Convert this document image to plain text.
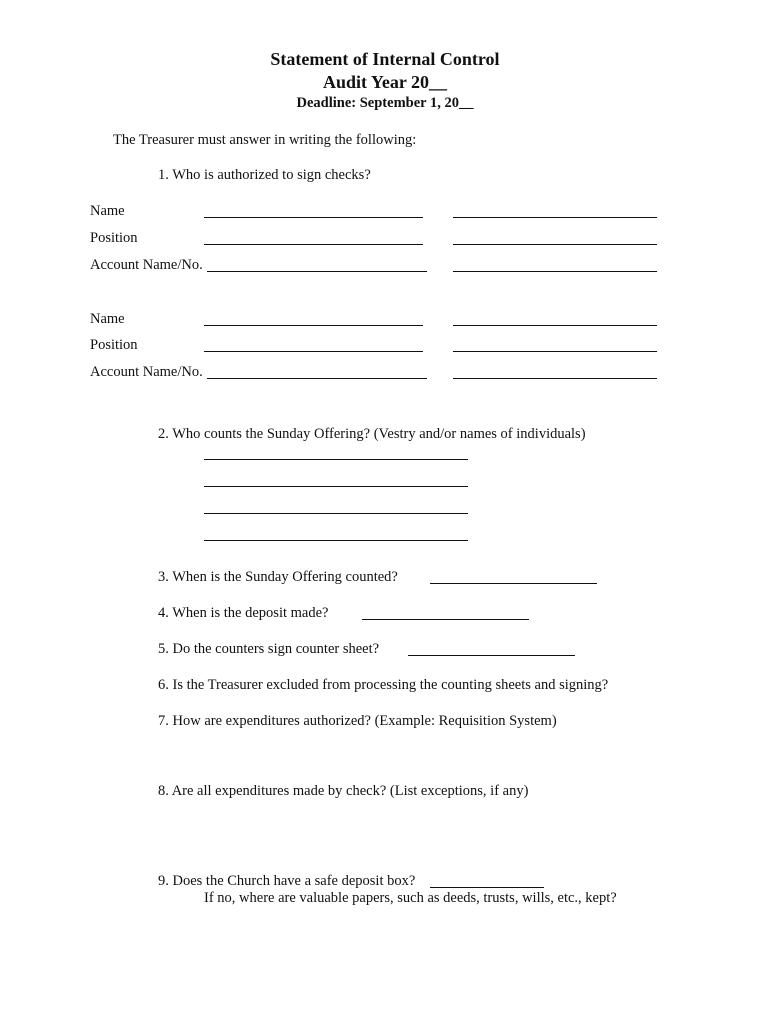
Statement of Internal Control
Audit Year 20__
Deadline: September 1, 20__
The Treasurer must answer in writing the following:
1. Who is authorized to sign checks?
Name
Position
Account Name/No.
Name
Position
Account Name/No.
2. Who counts the Sunday Offering? (Vestry and/or names of individuals)
3. When is the Sunday Offering counted?
4. When is the deposit made?
5. Do the counters sign counter sheet?
6. Is the Treasurer excluded from processing the counting sheets and signing?
7. How are expenditures authorized? (Example: Requisition System)
8. Are all expenditures made by check? (List exceptions, if any)
9. Does the Church have a safe deposit box?
If no, where are valuable papers, such as deeds, trusts, wills, etc., kept?
